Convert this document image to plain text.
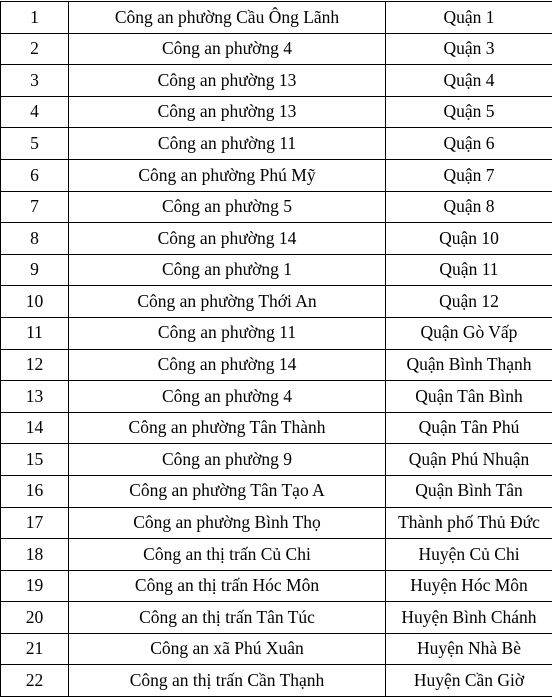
1	Công an phường Cầu Ông Lãnh	Quận 1
2	Công an phường 4	Quận 3
3	Công an phường 13	Quận 4
4	Công an phường 13	Quận 5
5	Công an phường 11	Quận 6
6	Công an phường Phú Mỹ	Quận 7
7	Công an phường 5	Quận 8
8	Công an phường 14	Quận 10
9	Công an phường 1	Quận 11
10	Công an phường Thới An	Quận 12
11	Công an phường 11	Quận Gò Vấp
12	Công an phường 14	Quận Bình Thạnh
13	Công an phường 4	Quận Tân Bình
14	Công an phường Tân Thành	Quận Tân Phú
15	Công an phường 9	Quận Phú Nhuận
16	Công an phường Tân Tạo A	Quận Bình Tân
17	Công an phường Bình Thọ	Thành phố Thủ Đức
18	Công an thị trấn Củ Chi	Huyện Củ Chi
19	Công an thị trấn Hóc Môn	Huyện Hóc Môn
20	Công an thị trấn Tân Túc	Huyện Bình Chánh
21	Công an xã Phú Xuân	Huyện Nhà Bè
22	Công an thị trấn Cần Thạnh	Huyện Cần Giờ
